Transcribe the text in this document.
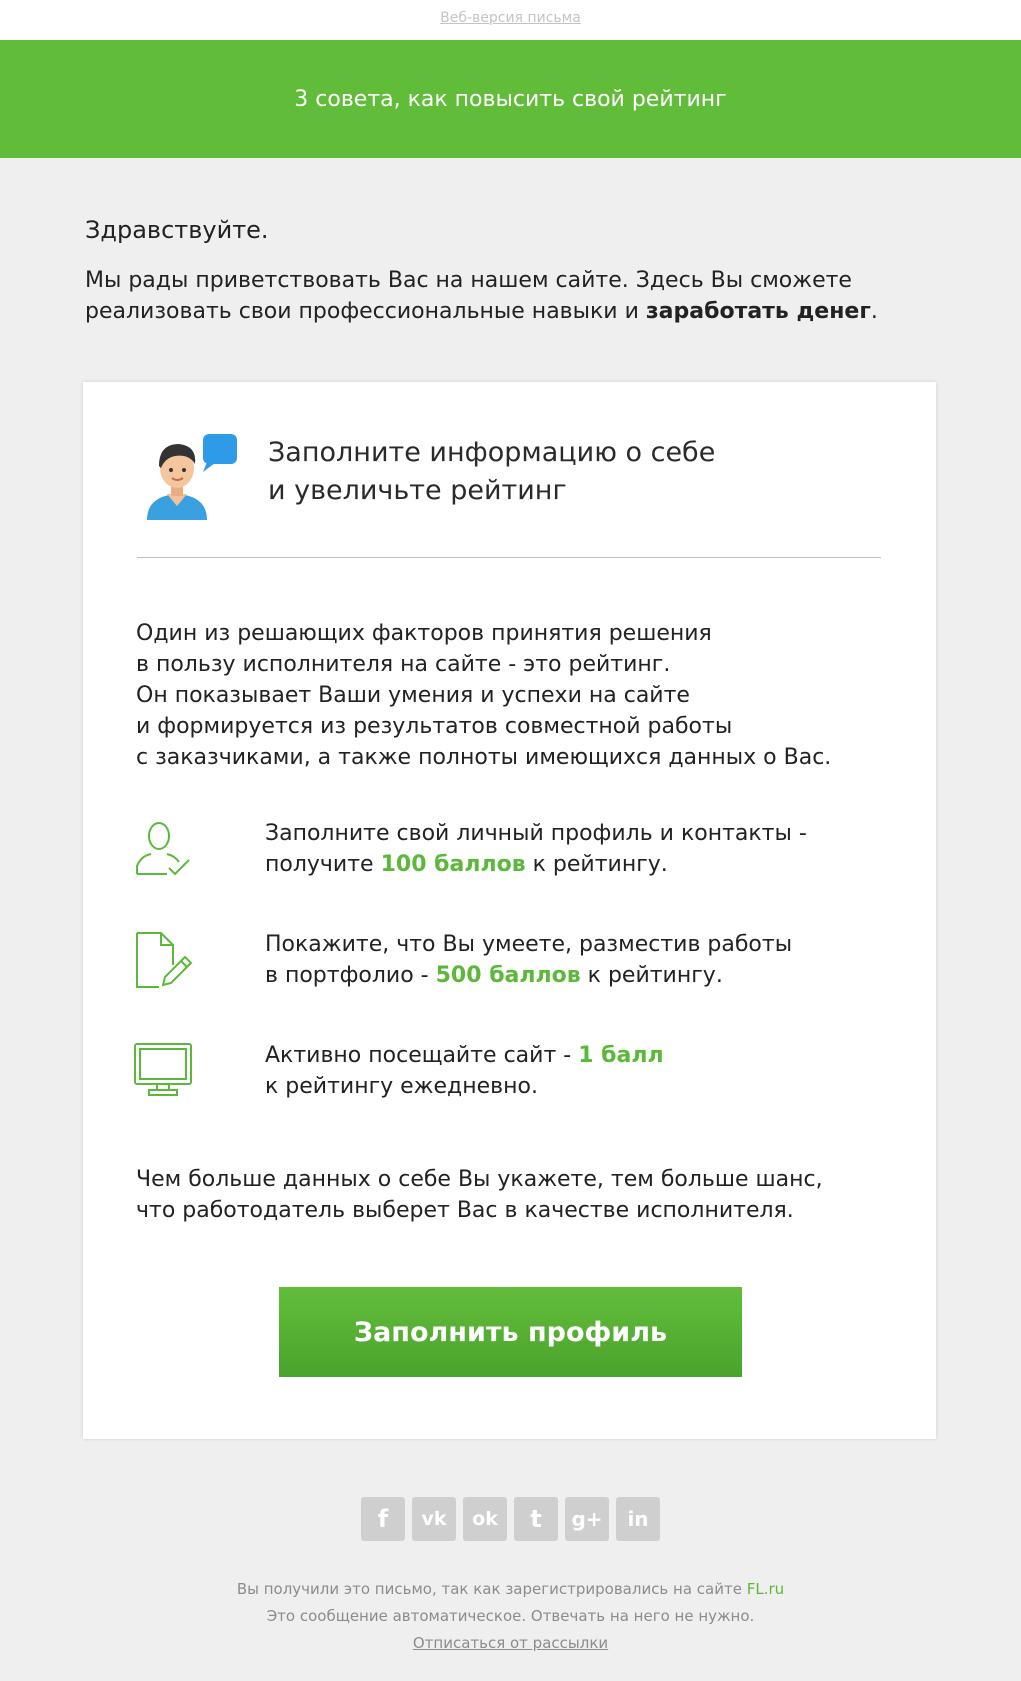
Веб-версия письма
3 совета, как повысить свой рейтинг
Здравствуйте.
Мы рады приветствовать Вас на нашем сайте. Здесь Вы сможете реализовать свои профессиональные навыки и заработать денег.
Заполните информацию о себе
и увеличьте рейтинг
Один из решающих факторов принятия решения
в пользу исполнителя на сайте - это рейтинг.
Он показывает Ваши умения и успехи на сайте
и формируется из результатов совместной работы
с заказчиками, а также полноты имеющихся данных о Вас.
Заполните свой личный профиль и контакты -
получите 100 баллов к рейтингу.
Покажите, что Вы умеете, разместив работы
в портфолио - 500 баллов к рейтингу.
Активно посещайте сайт - 1 балл
к рейтингу ежедневно.
Чем больше данных о себе Вы укажете, тем больше шанс,
что работодатель выберет Вас в качестве исполнителя.
Заполнить профиль
f	vk	ok	t	g+	in
Вы получили это письмо, так как зарегистрировались на сайте FL.ru
Это сообщение автоматическое. Отвечать на него не нужно.
Отписаться от рассылки
